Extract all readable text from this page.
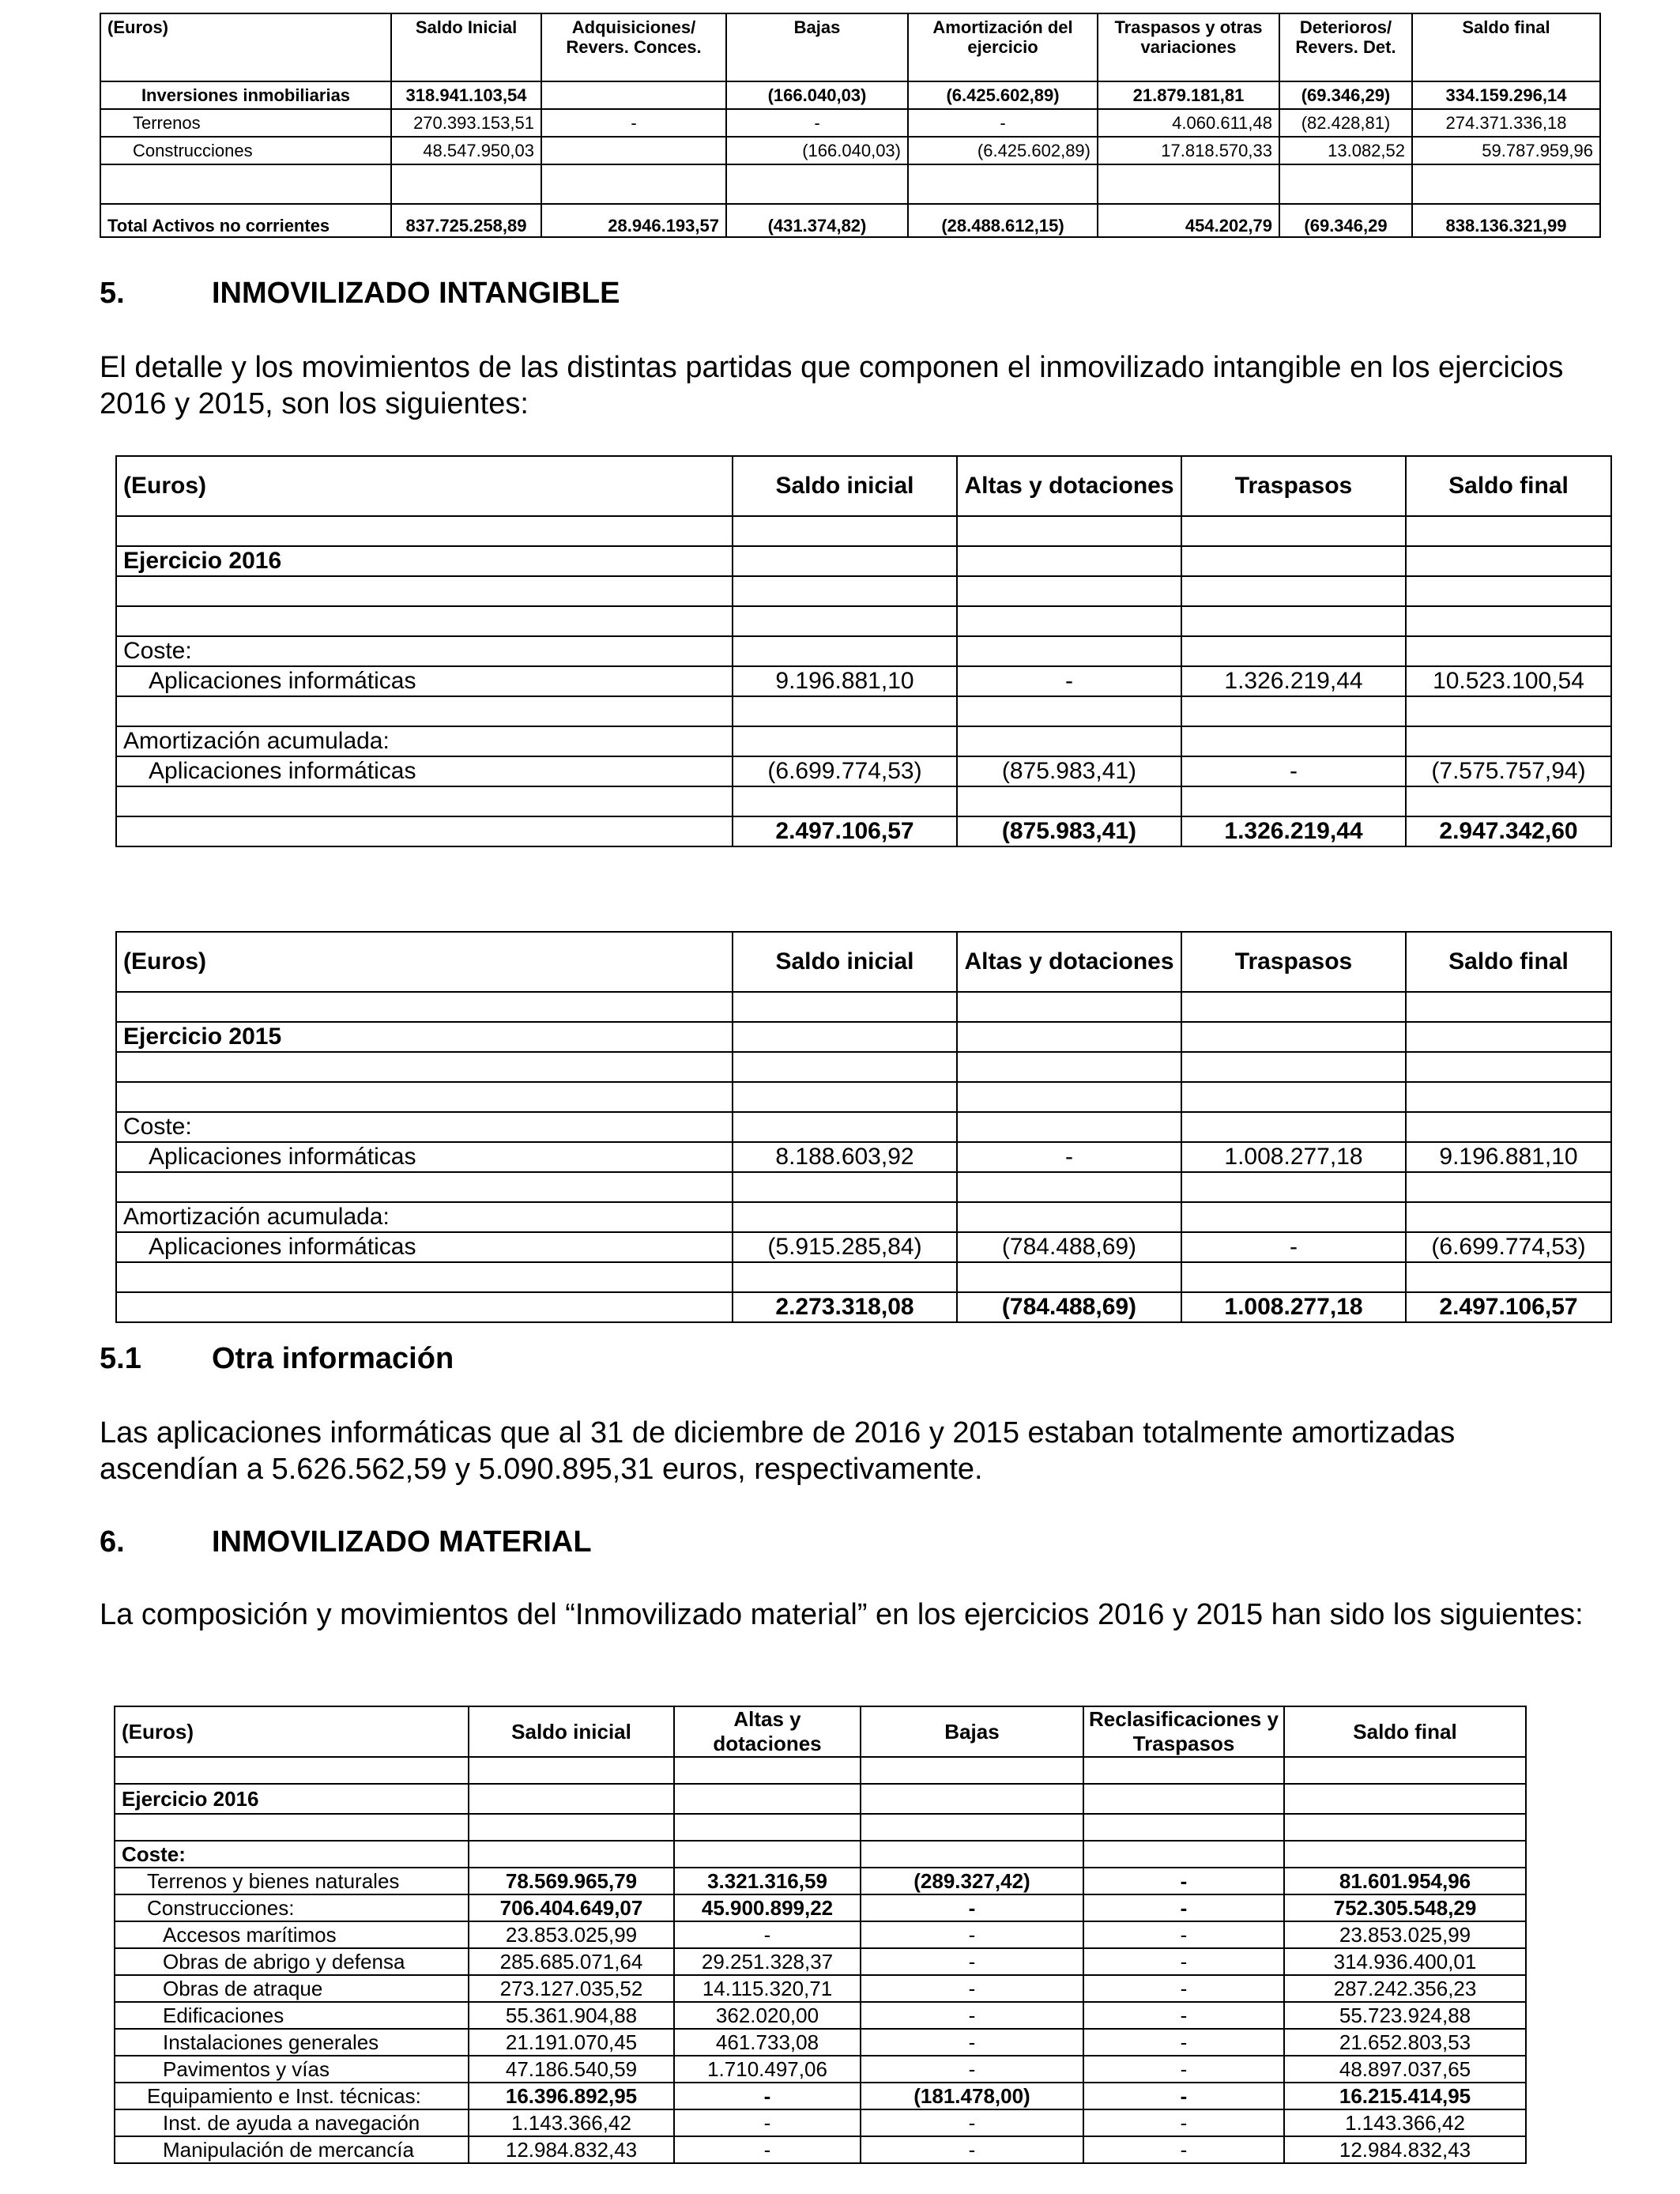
(Euros)	Saldo Inicial	Adquisiciones/ Revers. Conces.	Bajas	Amortización del ejercicio	Traspasos y otras variaciones	Deterioros/ Revers. Det.	Saldo final
Inversiones inmobiliarias	318.941.103,54		(166.040,03)	(6.425.602,89)	21.879.181,81	(69.346,29)	334.159.296,14
Terrenos	270.393.153,51	-	-	-	4.060.611,48	(82.428,81)	274.371.336,18
Construcciones	48.547.950,03		(166.040,03)	(6.425.602,89)	17.818.570,33	13.082,52	59.787.959,96

Total Activos no corrientes	837.725.258,89	28.946.193,57	(431.374,82)	(28.488.612,15)	454.202,79	(69.346,29	838.136.321,99
5.	INMOVILIZADO INTANGIBLE
El detalle y los movimientos de las distintas partidas que componen el inmovilizado intangible en los ejercicios 2016 y 2015, son los siguientes:
(Euros)	Saldo inicial	Altas y dotaciones	Traspasos	Saldo final

Ejercicio 2016				

Coste:				
Aplicaciones informáticas	9.196.881,10	-	1.326.219,44	10.523.100,54

Amortización acumulada:				
Aplicaciones informáticas	(6.699.774,53)	(875.983,41)	-	(7.575.757,94)

	2.497.106,57	(875.983,41)	1.326.219,44	2.947.342,60
(Euros)	Saldo inicial	Altas y dotaciones	Traspasos	Saldo final

Ejercicio 2015				

Coste:				
Aplicaciones informáticas	8.188.603,92	-	1.008.277,18	9.196.881,10

Amortización acumulada:				
Aplicaciones informáticas	(5.915.285,84)	(784.488,69)	-	(6.699.774,53)

	2.273.318,08	(784.488,69)	1.008.277,18	2.497.106,57
5.1 Otra información
Las aplicaciones informáticas que al 31 de diciembre de 2016 y 2015 estaban totalmente amortizadas ascendían a 5.626.562,59 y 5.090.895,31 euros, respectivamente.
6.	INMOVILIZADO MATERIAL
La composición y movimientos del “Inmovilizado material” en los ejercicios 2016 y 2015 han sido los siguientes:
(Euros)	Saldo inicial	Altas y dotaciones	Bajas	Reclasificaciones y Traspasos	Saldo final

Ejercicio 2016					

Coste:					
Terrenos y bienes naturales	78.569.965,79	3.321.316,59	(289.327,42)	-	81.601.954,96
Construcciones:	706.404.649,07	45.900.899,22	-	-	752.305.548,29
Accesos marítimos	23.853.025,99	-	-	-	23.853.025,99
Obras de abrigo y defensa	285.685.071,64	29.251.328,37	-	-	314.936.400,01
Obras de atraque	273.127.035,52	14.115.320,71	-	-	287.242.356,23
Edificaciones	55.361.904,88	362.020,00	-	-	55.723.924,88
Instalaciones generales	21.191.070,45	461.733,08	-	-	21.652.803,53
Pavimentos y vías	47.186.540,59	1.710.497,06	-	-	48.897.037,65
Equipamiento e Inst. técnicas:	16.396.892,95	-	(181.478,00)	-	16.215.414,95
Inst. de ayuda a navegación	1.143.366,42	-	-	-	1.143.366,42
Manipulación de mercancía	12.984.832,43	-	-	-	12.984.832,43
